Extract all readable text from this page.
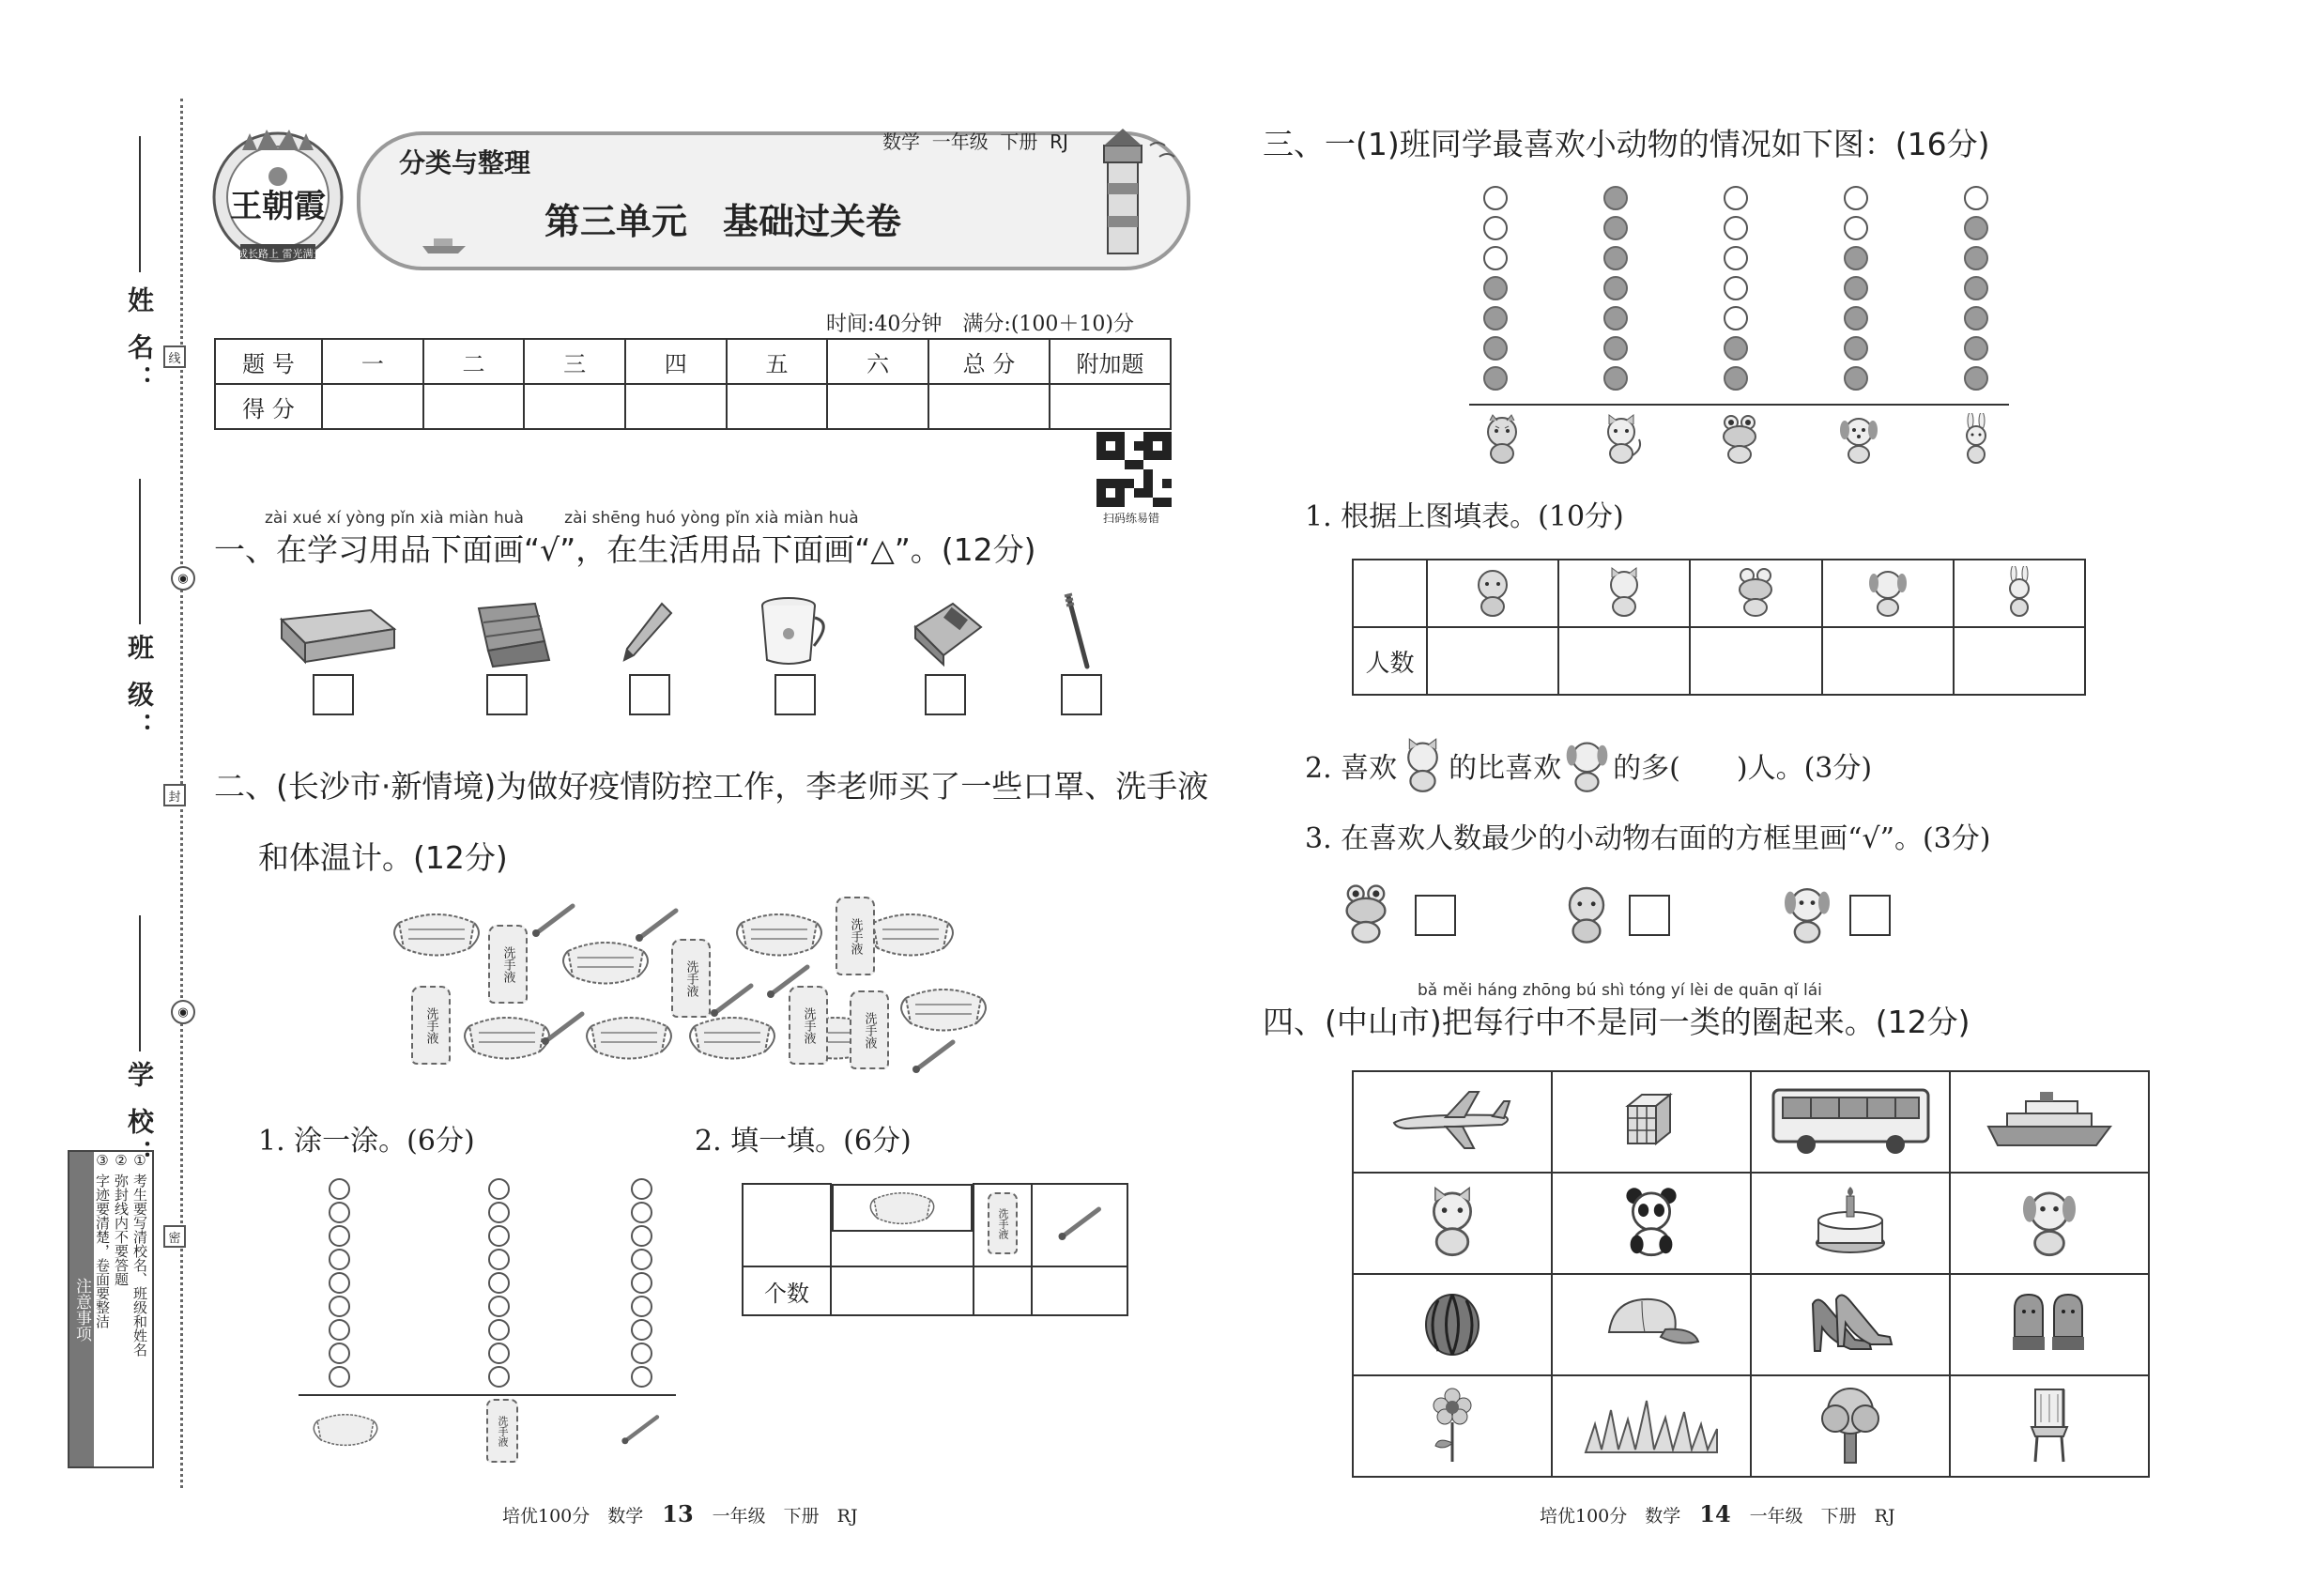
◉
◉
线
封
密
姓 名：
班 级：
学 校：
注意事项	① 考生要写清校名、班级和姓名
② 弥封线内不要答题
③ 字迹要清楚，卷面要整洁
王朝霞
成长路上 雷光满天
分类与整理
数学  一年级  下册  RJ
第三单元　基础过关卷
时间:40分钟　满分:(100＋10)分
题 号	一	二	三	四	五	六	总 分	附加题
得 分								
扫码练易错
zài xué xí yòng pǐn xià miàn huà        zài shēng huó yòng pǐn xià miàn huà
一、在学习用品下面画“√”，在生活用品下面画“△”。(12分)
二、(长沙市·新情境)为做好疫情防控工作，李老师买了一些口罩、洗手液
和体温计。(12分)
洗手液	洗手液
洗手液
洗手液	洗手液	洗手液
1. 涂一涂。(6分)	2. 填一填。(6分)
洗手液

洗手液	
个数			
培优100分　数学 13 一年级　下册　RJ
三、一(1)班同学最喜欢小动物的情况如下图：(16分)
1. 根据上图填表。(10分)

人数					
2. 喜欢 的比喜欢 的多(　　)人。(3分)
3. 在喜欢人数最少的小动物右面的方框里画“√”。(3分)
bǎ měi háng zhōng bú shì tóng yí lèi de quān qǐ lái
四、(中山市)把每行中不是同一类的圈起来。(12分)

培优100分　数学 14 一年级　下册　RJ
